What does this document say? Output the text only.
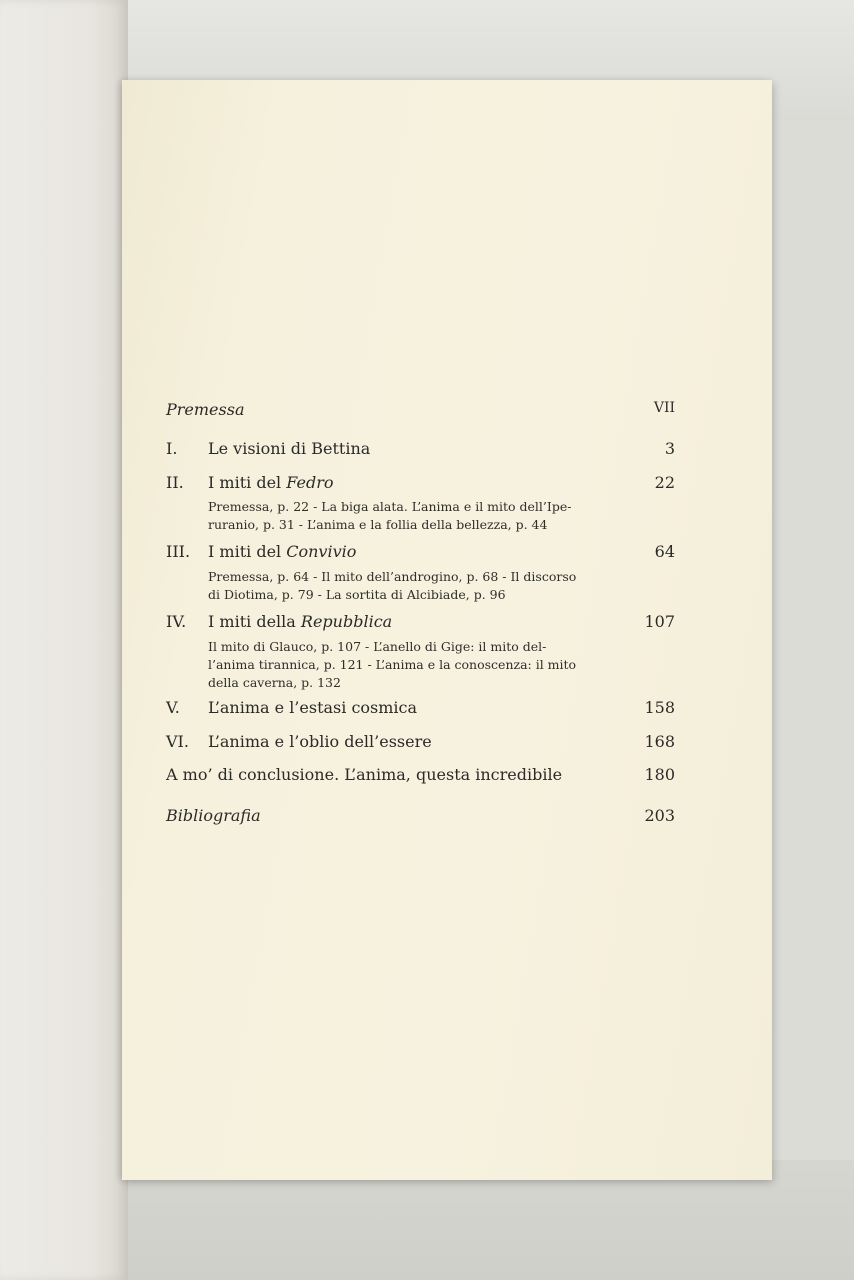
Premessa	VII
I.	Le visioni di Bettina	3
II.	I miti del Fedro	22
Premessa, p. 22 - La biga alata. L’anima e il mito dell’Ipe-
ruranio, p. 31 - L’anima e la follia della bellezza, p. 44
III.	I miti del Convivio	64
Premessa, p. 64 - Il mito dell’androgino, p. 68 - Il discorso
di Diotima, p. 79 - La sortita di Alcibiade, p. 96
IV.	I miti della Repubblica	107
Il mito di Glauco, p. 107 - L’anello di Gige: il mito del-
l’anima tirannica, p. 121 - L’anima e la conoscenza: il mito
della caverna, p. 132
V.	L’anima e l’estasi cosmica	158
VI.	L’anima e l’oblio dell’essere	168
A mo’ di conclusione. L’anima, questa incredibile	180
Bibliografia	203
